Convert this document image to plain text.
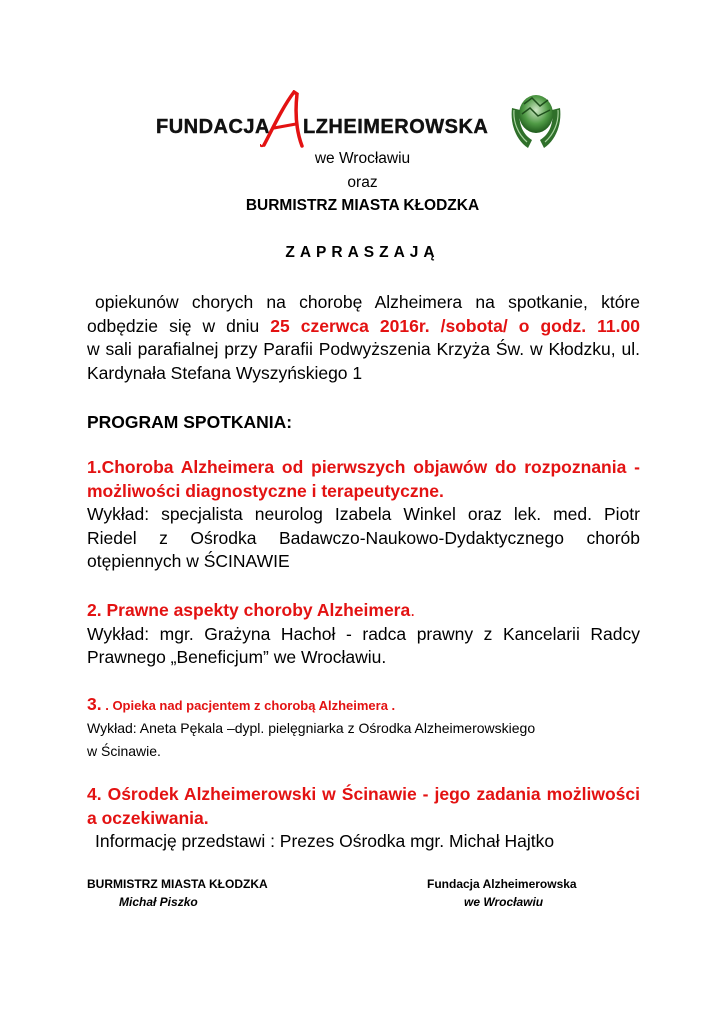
FUNDACJA LZHEIMEROWSKA
we Wrocławiu
oraz
BURMISTRZ MIASTA KŁODZKA
ZAPRASZAJĄ
opiekunów chorych na chorobę Alzheimera na spotkanie, które
odbędzie się w dniu 25 czerwca 2016r. /sobota/ o godz. 11.00
w sali parafialnej przy Parafii Podwyższenia Krzyża Św. w Kłodzku, ul.
Kardynała Stefana Wyszyńskiego 1
PROGRAM SPOTKANIA:
1.Choroba Alzheimera od pierwszych objawów do rozpoznania -
możliwości diagnostyczne i terapeutyczne.
Wykład: specjalista neurolog Izabela Winkel oraz lek. med. Piotr
Riedel z Ośrodka Badawczo-Naukowo-Dydaktycznego chorób
otępiennych w ŚCINAWIE
2. Prawne aspekty choroby Alzheimera.
Wykład: mgr. Grażyna Hachoł - radca prawny z Kancelarii Radcy
Prawnego „Beneficjum” we Wrocławiu.
3. . Opieka nad pacjentem z chorobą Alzheimera .
Wykład: Aneta Pękala –dypl. pielęgniarka z Ośrodka Alzheimerowskiego
w Ścinawie.
4. Ośrodek Alzheimerowski w Ścinawie - jego zadania możliwości
a oczekiwania.
Informację przedstawi : Prezes Ośrodka mgr. Michał Hajtko
BURMISTRZ MIASTA KŁODZKA
Michał Piszko
Fundacja Alzheimerowska
we Wrocławiu
